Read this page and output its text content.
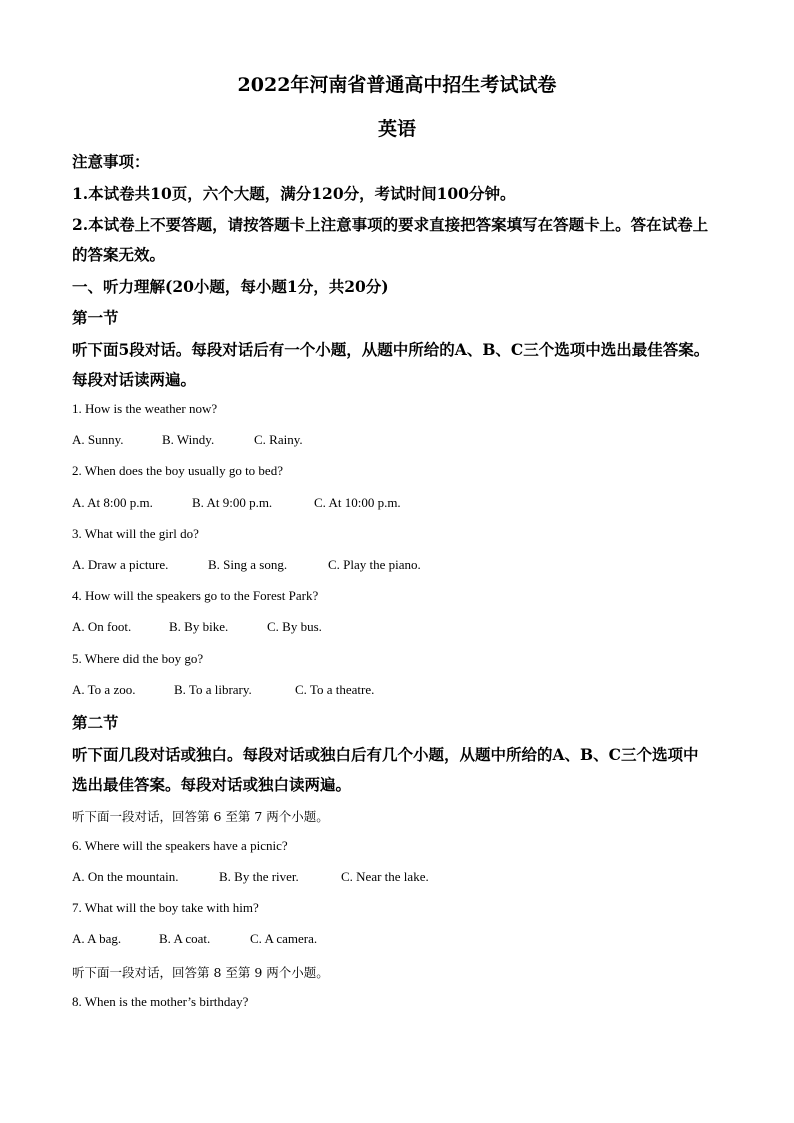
2022年河南省普通高中招生考试试卷
英语
注意事项：
1.本试卷共10页，六个大题，满分120分，考试时间100分钟。
2.本试卷上不要答题，请按答题卡上注意事项的要求直接把答案填写在答题卡上。答在试卷上
的答案无效。
一、听力理解(20小题，每小题1分，共20分)
第一节
听下面5段对话。每段对话后有一个小题，从题中所给的A、B、C三个选项中选出最佳答案。
每段对话读两遍。
1. How is the weather now?
A. Sunny.	B. Windy.	C. Rainy.
2. When does the boy usually go to bed?
A. At 8:00 p.m.	B. At 9:00 p.m.	C. At 10:00 p.m.
3. What will the girl do?
A. Draw a picture.	B. Sing a song.	C. Play the piano.
4. How will the speakers go to the Forest Park?
A. On foot.	B. By bike.	C. By bus.
5. Where did the boy go?
A. To a zoo.	B. To a library.	C. To a theatre.
第二节
听下面几段对话或独白。每段对话或独白后有几个小题，从题中所给的A、B、C三个选项中
选出最佳答案。每段对话或独白读两遍。
听下面一段对话，回答第 6 至第 7 两个小题。
6. Where will the speakers have a picnic?
A. On the mountain.	B. By the river.	C. Near the lake.
7. What will the boy take with him?
A. A bag.	B. A coat.	C. A camera.
听下面一段对话，回答第 8 至第 9 两个小题。
8. When is the mother’s birthday?
